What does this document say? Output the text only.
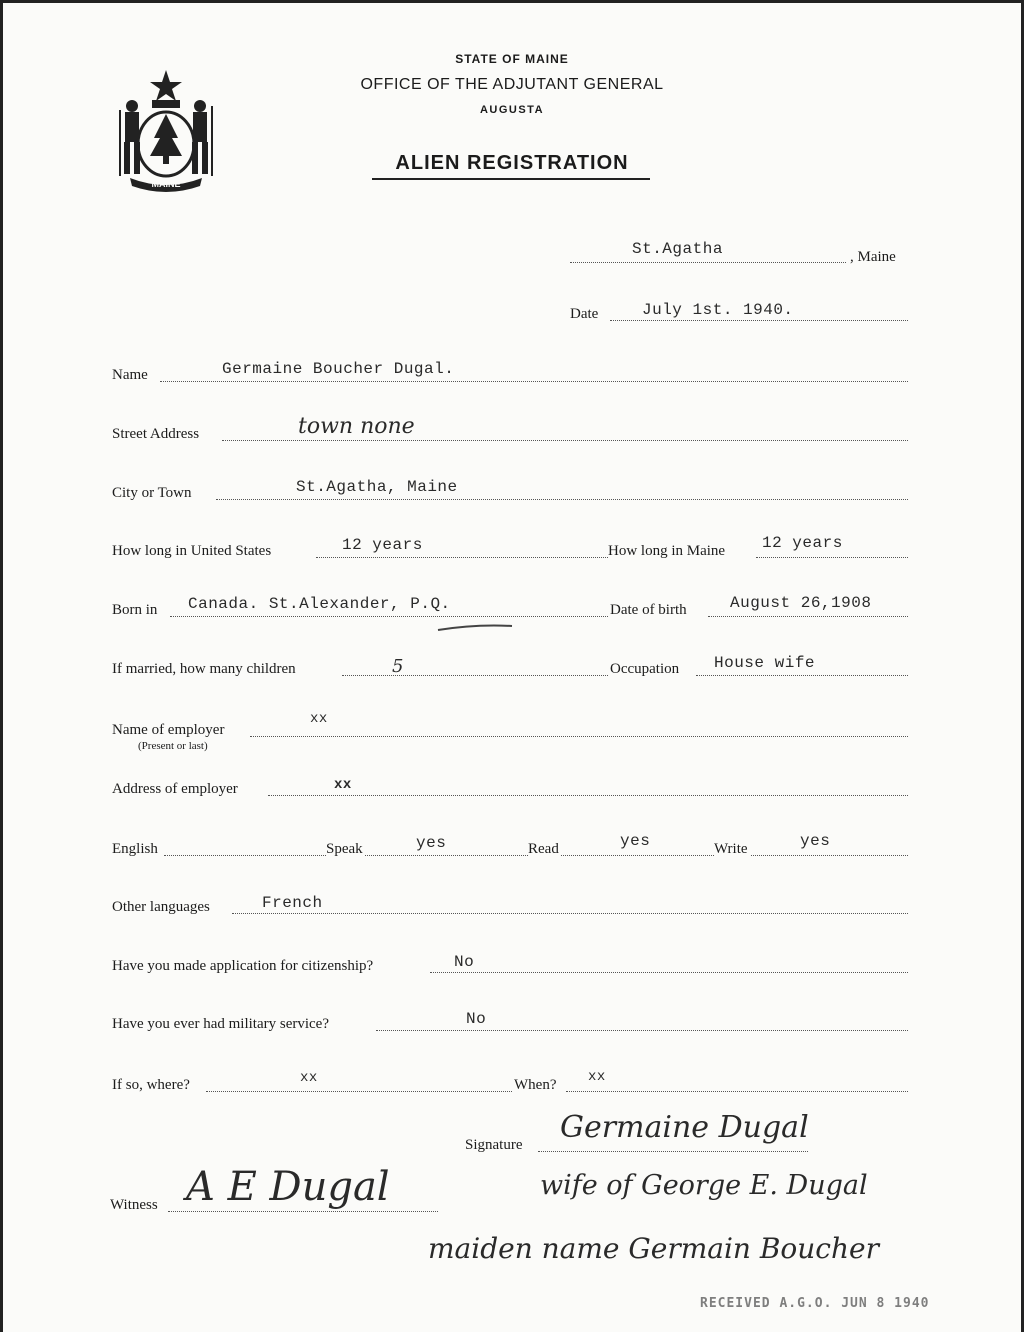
MAINE
STATE OF MAINE
OFFICE OF THE ADJUTANT GENERAL
AUGUSTA
ALIEN REGISTRATION
St.Agatha	, Maine
Date	July 1st. 1940.
Name	Germaine Boucher Dugal.
Street Address	town none
City or Town	St.Agatha, Maine
How long in United States	12 years	How long in Maine 12 years
Born in Canada. St.Alexander, P.Q.	Date of birth	August 26,1908
If married, how many children	5	Occupation House wife
Name of employer
(Present or last)
xx
Address of employer	xx
English	Speak	yes	Read	yes	Write	yes
Other languages	French
Have you made application for citizenship?	No
Have you ever had military service?	No
If so, where?	xx	When? xx
Signature Germaine Dugal
Witness A E Dugal	wife of George E. Dugal
maiden name Germain Boucher
RECEIVED A.G.O. JUN 8 1940
